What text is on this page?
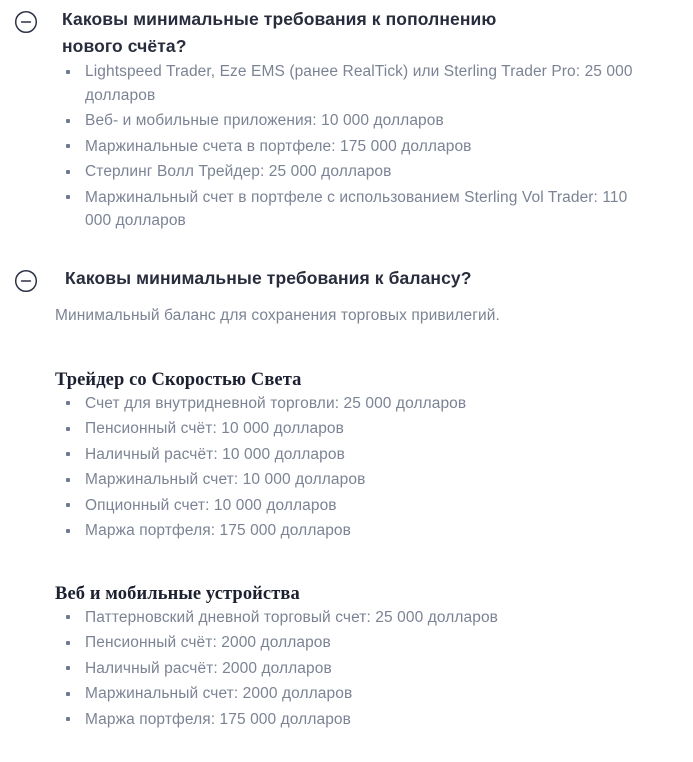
Каковы минимальные требования к пополнению нового счёта?
Lightspeed Trader, Eze EMS (ранее RealTick) или Sterling Trader Pro: 25 000 долларов
Веб- и мобильные приложения: 10 000 долларов
Маржинальные счета в портфеле: 175 000 долларов
Стерлинг Волл Трейдер: 25 000 долларов
Маржинальный счет в портфеле с использованием Sterling Vol Trader: 110 000 долларов
Каковы минимальные требования к балансу?

Минимальный баланс для сохранения торговых привилегий.

Трейдер со Скоростью Света
Счет для внутридневной торговли: 25 000 долларов
Пенсионный счёт: 10 000 долларов
Наличный расчёт: 10 000 долларов
Маржинальный счет: 10 000 долларов
Опционный счет: 10 000 долларов
Маржа портфеля: 175 000 долларов
Веб и мобильные устройства
Паттерновский дневной торговый счет: 25 000 долларов
Пенсионный счёт: 2000 долларов
Наличный расчёт: 2000 долларов
Маржинальный счет: 2000 долларов
Маржа портфеля: 175 000 долларов
